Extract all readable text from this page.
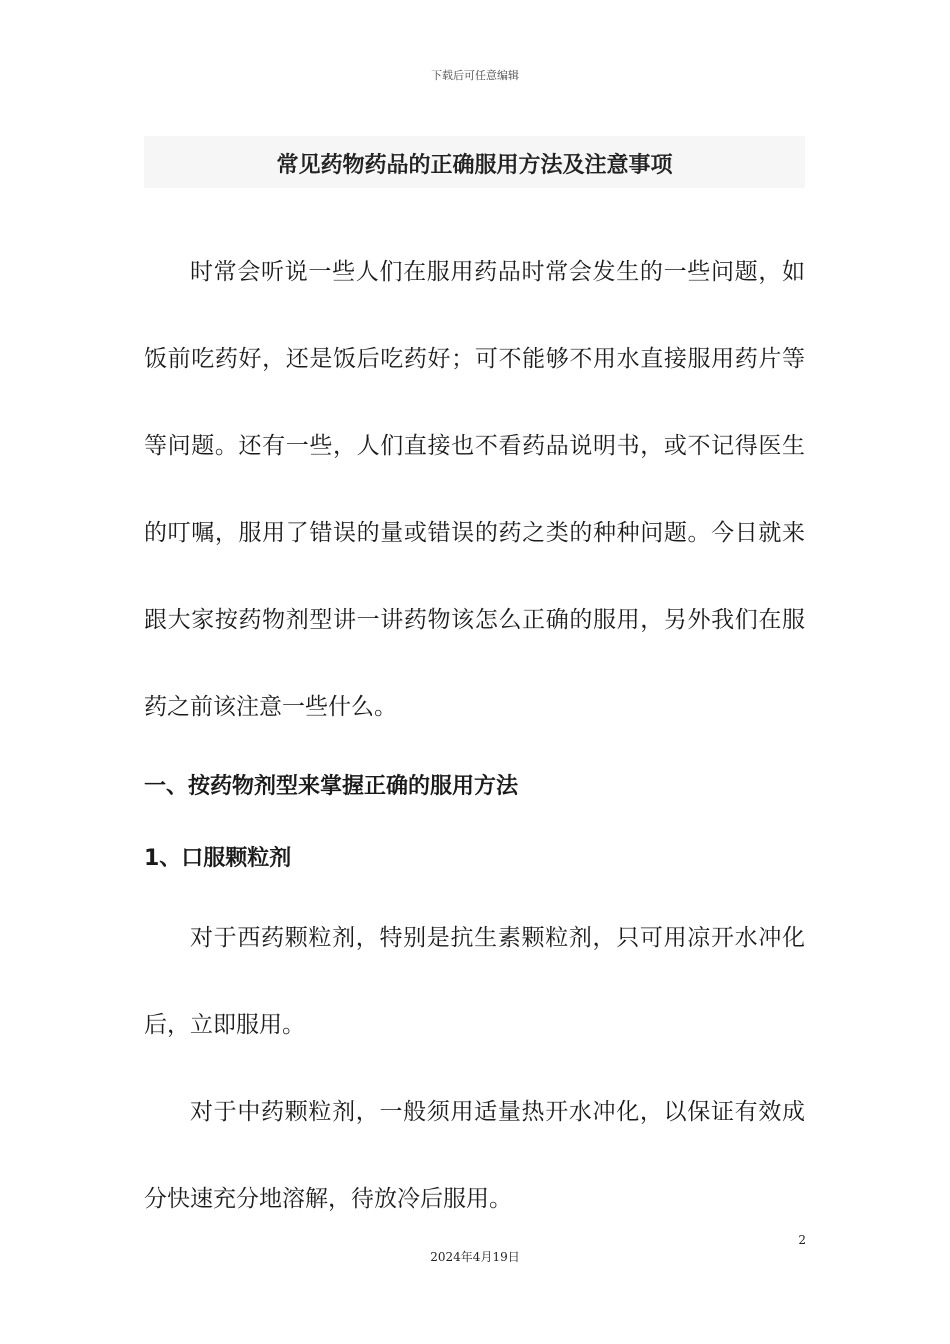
下载后可任意编辑
常见药物药品的正确服用方法及注意事项

时常会听说一些人们在服用药品时常会发生的一些问题，如饭前吃药好，还是饭后吃药好；可不能够不用水直接服用药片等等问题。还有一些，人们直接也不看药品说明书，或不记得医生的叮嘱，服用了错误的量或错误的药之类的种种问题。今日就来跟大家按药物剂型讲一讲药物该怎么正确的服用，另外我们在服药之前该注意一些什么。

一、按药物剂型来掌握正确的服用方法

1、口服颗粒剂

对于西药颗粒剂，特别是抗生素颗粒剂，只可用凉开水冲化后，立即服用。

对于中药颗粒剂，一般须用适量热开水冲化，以保证有效成分快速充分地溶解，待放冷后服用。

2
2024年4月19日
